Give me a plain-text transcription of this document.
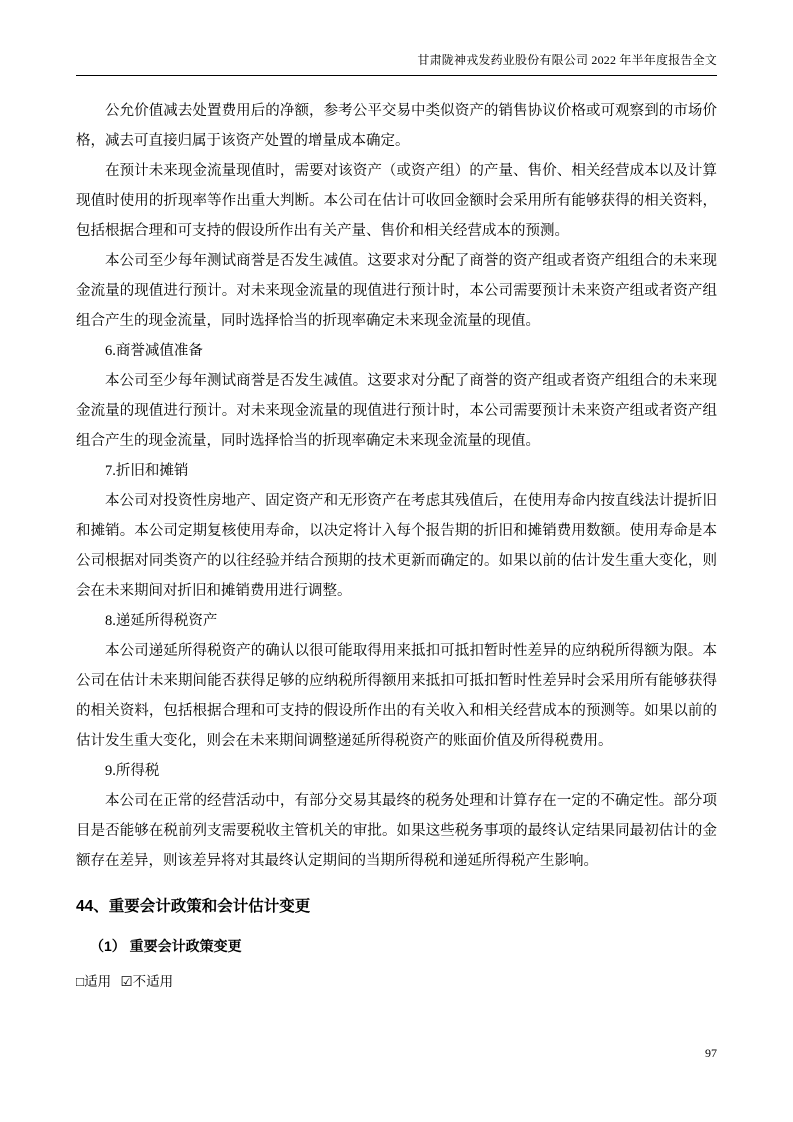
甘肃陇神戎发药业股份有限公司 2022 年半年度报告全文

公允价值减去处置费用后的净额，参考公平交易中类似资产的销售协议价格或可观察到的市场价格，减去可直接归属于该资产处置的增量成本确定。

在预计未来现金流量现值时，需要对该资产（或资产组）的产量、售价、相关经营成本以及计算现值时使用的折现率等作出重大判断。本公司在估计可收回金额时会采用所有能够获得的相关资料，包括根据合理和可支持的假设所作出有关产量、售价和相关经营成本的预测。

本公司至少每年测试商誉是否发生减值。这要求对分配了商誉的资产组或者资产组组合的未来现金流量的现值进行预计。对未来现金流量的现值进行预计时，本公司需要预计未来资产组或者资产组组合产生的现金流量，同时选择恰当的折现率确定未来现金流量的现值。

6.商誉减值准备

本公司至少每年测试商誉是否发生减值。这要求对分配了商誉的资产组或者资产组组合的未来现金流量的现值进行预计。对未来现金流量的现值进行预计时，本公司需要预计未来资产组或者资产组组合产生的现金流量，同时选择恰当的折现率确定未来现金流量的现值。

7.折旧和摊销

本公司对投资性房地产、固定资产和无形资产在考虑其残值后，在使用寿命内按直线法计提折旧和摊销。本公司定期复核使用寿命，以决定将计入每个报告期的折旧和摊销费用数额。使用寿命是本公司根据对同类资产的以往经验并结合预期的技术更新而确定的。如果以前的估计发生重大变化，则会在未来期间对折旧和摊销费用进行调整。

8.递延所得税资产

本公司递延所得税资产的确认以很可能取得用来抵扣可抵扣暂时性差异的应纳税所得额为限。本公司在估计未来期间能否获得足够的应纳税所得额用来抵扣可抵扣暂时性差异时会采用所有能够获得的相关资料，包括根据合理和可支持的假设所作出的有关收入和相关经营成本的预测等。如果以前的估计发生重大变化，则会在未来期间调整递延所得税资产的账面价值及所得税费用。

9.所得税

本公司在正常的经营活动中，有部分交易其最终的税务处理和计算存在一定的不确定性。部分项目是否能够在税前列支需要税收主管机关的审批。如果这些税务事项的最终认定结果同最初估计的金额存在差异，则该差异将对其最终认定期间的当期所得税和递延所得税产生影响。

44、重要会计政策和会计估计变更
（1） 重要会计政策变更

□适用 ☑不适用

97
